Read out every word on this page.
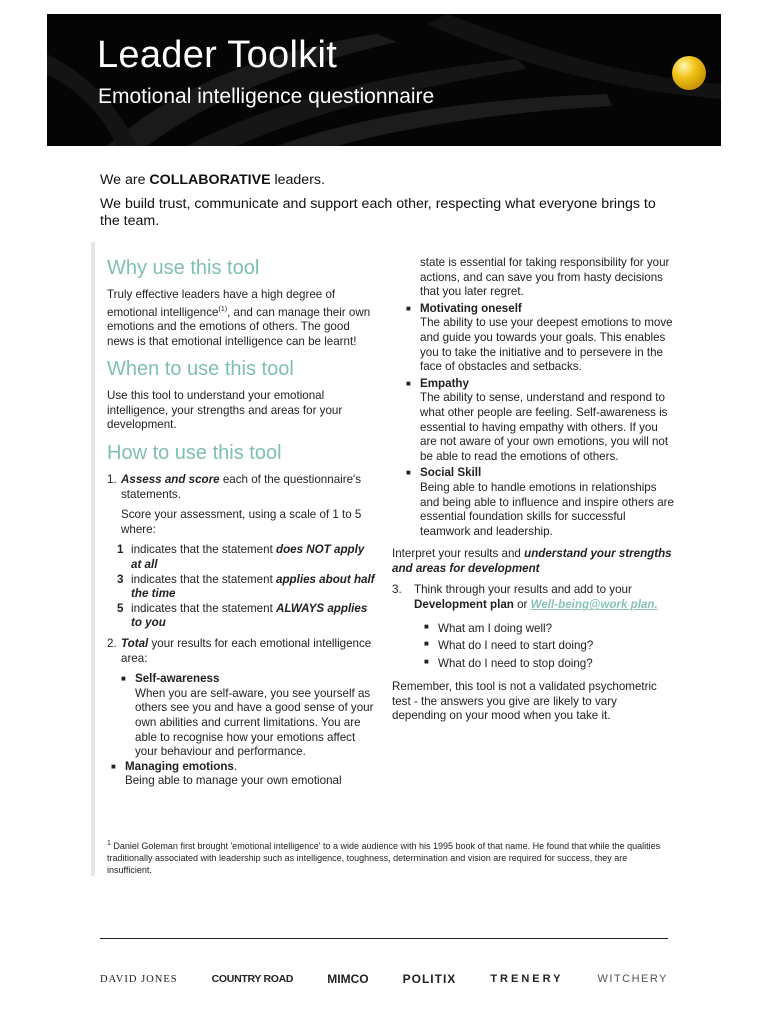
Leader Toolkit
Emotional intelligence questionnaire

We are COLLABORATIVE leaders.

We build trust, communicate and support each other, respecting what everyone brings to the team.

Why use this tool

Truly effective leaders have a high degree of emotional intelligence$^{(1)}$, and can manage their own emotions and the emotions of others. The good news is that emotional intelligence can be learnt!

When to use this tool

Use this tool to understand your emotional intelligence, your strengths and areas for your development.

How to use this tool

1. Assess and score each of the questionnaire's statements.

Score your assessment, using a scale of 1 to 5 where:

1 indicates that the statement does NOT apply at all
3 indicates that the statement applies about half the time
5 indicates that the statement ALWAYS applies to you
2. Total your results for each emotional intelligence area:
■ Self-awareness
When you are self-aware, you see yourself as others see you and have a good sense of your own abilities and current limitations. You are able to recognise how your emotions affect your behaviour and performance.
■ Managing emotions.
Being able to manage your own emotional

state is essential for taking responsibility for your actions, and can save you from hasty decisions that you later regret.

■ Motivating oneself
The ability to use your deepest emotions to move and guide you towards your goals. This enables you to take the initiative and to persevere in the face of obstacles and setbacks.
■ Empathy
The ability to sense, understand and respond to what other people are feeling. Self-awareness is essential to having empathy with others. If you are not aware of your own emotions, you will not be able to read the emotions of others.
■ Social Skill
Being able to handle emotions in relationships and being able to influence and inspire others are essential foundation skills for successful teamwork and leadership.

Interpret your results and understand your strengths and areas for development

3.	Think through your results and add to your Development plan or Well-being@work plan.
■ What am I doing well?
■ What do I need to start doing?
■ What do I need to stop doing?

Remember, this tool is not a validated psychometric test - the answers you give are likely to vary depending on your mood when you take it.

$^1$ Daniel Goleman first brought 'emotional intelligence' to a wide audience with his 1995 book of that name. He found that while the qualities traditionally associated with leadership such as intelligence, toughness, determination and vision are required for success, they are insufficient.
DAVID JONES	COUNTRY ROAD	MIMCO	POLITIX	TRENERY	WITCHERY
